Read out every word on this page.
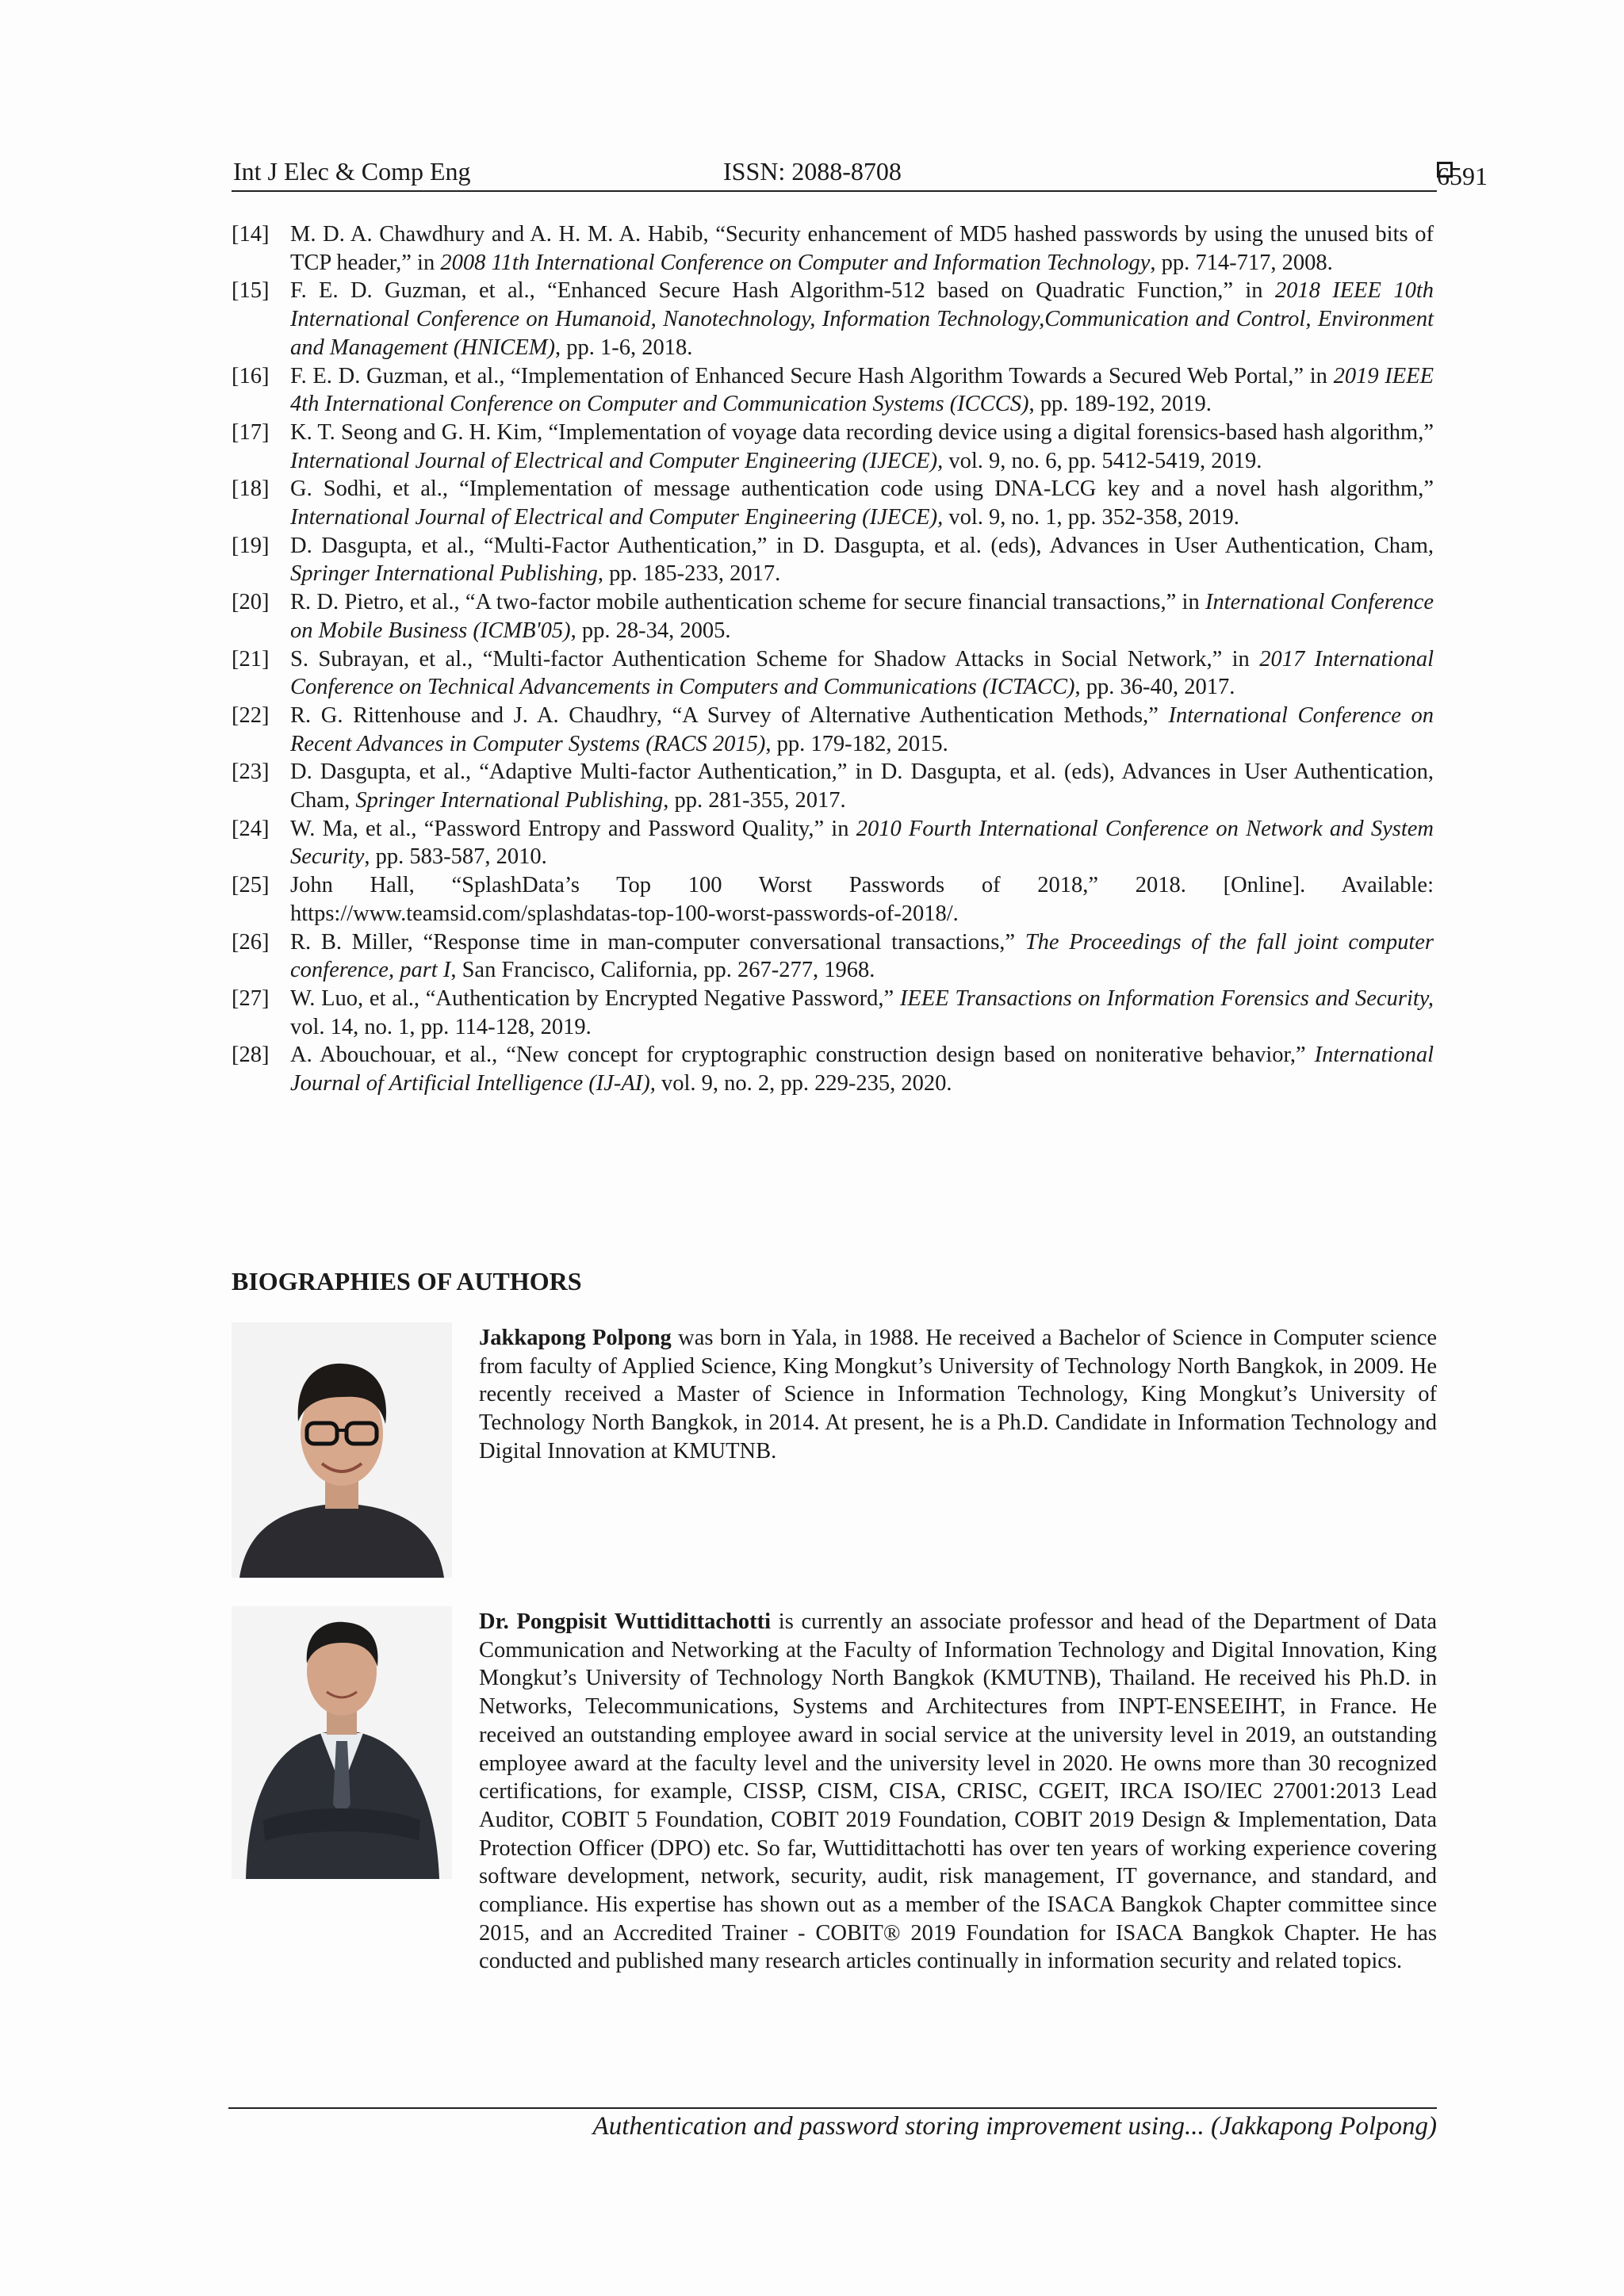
Int J Elec & Comp Eng	ISSN: 2088-8708	6591
[14] M. D. A. Chawdhury and A. H. M. A. Habib, “Security enhancement of MD5 hashed passwords by using the unused bits of TCP header,” in 2008 11th International Conference on Computer and Information Technology, pp. 714-717, 2008.
[15] F. E. D. Guzman, et al., “Enhanced Secure Hash Algorithm-512 based on Quadratic Function,” in 2018 IEEE 10th International Conference on Humanoid, Nanotechnology, Information Technology,Communication and Control, Environment and Management (HNICEM), pp. 1-6, 2018.
[16] F. E. D. Guzman, et al., “Implementation of Enhanced Secure Hash Algorithm Towards a Secured Web Portal,” in 2019 IEEE 4th International Conference on Computer and Communication Systems (ICCCS), pp. 189-192, 2019.
[17] K. T. Seong and G. H. Kim, “Implementation of voyage data recording device using a digital forensics-based hash algorithm,” International Journal of Electrical and Computer Engineering (IJECE), vol. 9, no. 6, pp. 5412-5419, 2019.
[18] G. Sodhi, et al., “Implementation of message authentication code using DNA-LCG key and a novel hash algorithm,” International Journal of Electrical and Computer Engineering (IJECE), vol. 9, no. 1, pp. 352-358, 2019.
[19] D. Dasgupta, et al., “Multi-Factor Authentication,” in D. Dasgupta, et al. (eds), Advances in User Authentication, Cham, Springer International Publishing, pp. 185-233, 2017.
[20] R. D. Pietro, et al., “A two-factor mobile authentication scheme for secure financial transactions,” in International Conference on Mobile Business (ICMB'05), pp. 28-34, 2005.
[21] S. Subrayan, et al., “Multi-factor Authentication Scheme for Shadow Attacks in Social Network,” in 2017 International Conference on Technical Advancements in Computers and Communications (ICTACC), pp. 36-40, 2017.
[22] R. G. Rittenhouse and J. A. Chaudhry, “A Survey of Alternative Authentication Methods,” International Conference on Recent Advances in Computer Systems (RACS 2015), pp. 179-182, 2015.
[23] D. Dasgupta, et al., “Adaptive Multi-factor Authentication,” in D. Dasgupta, et al. (eds), Advances in User Authentication, Cham, Springer International Publishing, pp. 281-355, 2017.
[24] W. Ma, et al., “Password Entropy and Password Quality,” in 2010 Fourth International Conference on Network and System Security, pp. 583-587, 2010.
[25] John Hall, “SplashData’s Top 100 Worst Passwords of 2018,” 2018. [Online]. Available: https://www.teamsid.com/splashdatas-top-100-worst-passwords-of-2018/.
[26] R. B. Miller, “Response time in man-computer conversational transactions,” The Proceedings of the fall joint computer conference, part I, San Francisco, California, pp. 267-277, 1968.
[27] W. Luo, et al., “Authentication by Encrypted Negative Password,” IEEE Transactions on Information Forensics and Security, vol. 14, no. 1, pp. 114-128, 2019.
[28] A. Abouchouar, et al., “New concept for cryptographic construction design based on noniterative behavior,” International Journal of Artificial Intelligence (IJ-AI), vol. 9, no. 2, pp. 229-235, 2020.
BIOGRAPHIES OF AUTHORS
Jakkapong Polpong was born in Yala, in 1988. He received a Bachelor of Science in Computer science from faculty of Applied Science, King Mongkut’s University of Technology North Bangkok, in 2009. He recently received a Master of Science in Information Technology, King Mongkut’s University of Technology North Bangkok, in 2014. At present, he is a Ph.D. Candidate in Information Technology and Digital Innovation at KMUTNB.
Dr. Pongpisit Wuttidittachotti is currently an associate professor and head of the Department of Data Communication and Networking at the Faculty of Information Technology and Digital Innovation, King Mongkut’s University of Technology North Bangkok (KMUTNB), Thailand. He received his Ph.D. in Networks, Telecommunications, Systems and Architectures from INPT-ENSEEIHT, in France. He received an outstanding employee award in social service at the university level in 2019, an outstanding employee award at the faculty level and the university level in 2020. He owns more than 30 recognized certifications, for example, CISSP, CISM, CISA, CRISC, CGEIT, IRCA ISO/IEC 27001:2013 Lead Auditor, COBIT 5 Foundation, COBIT 2019 Foundation, COBIT 2019 Design & Implementation, Data Protection Officer (DPO) etc. So far, Wuttidittachotti has over ten years of working experience covering software development, network, security, audit, risk management, IT governance, and standard, and compliance. His expertise has shown out as a member of the ISACA Bangkok Chapter committee since 2015, and an Accredited Trainer - COBIT® 2019 Foundation for ISACA Bangkok Chapter. He has conducted and published many research articles continually in information security and related topics.
Authentication and password storing improvement using... (Jakkapong Polpong)
